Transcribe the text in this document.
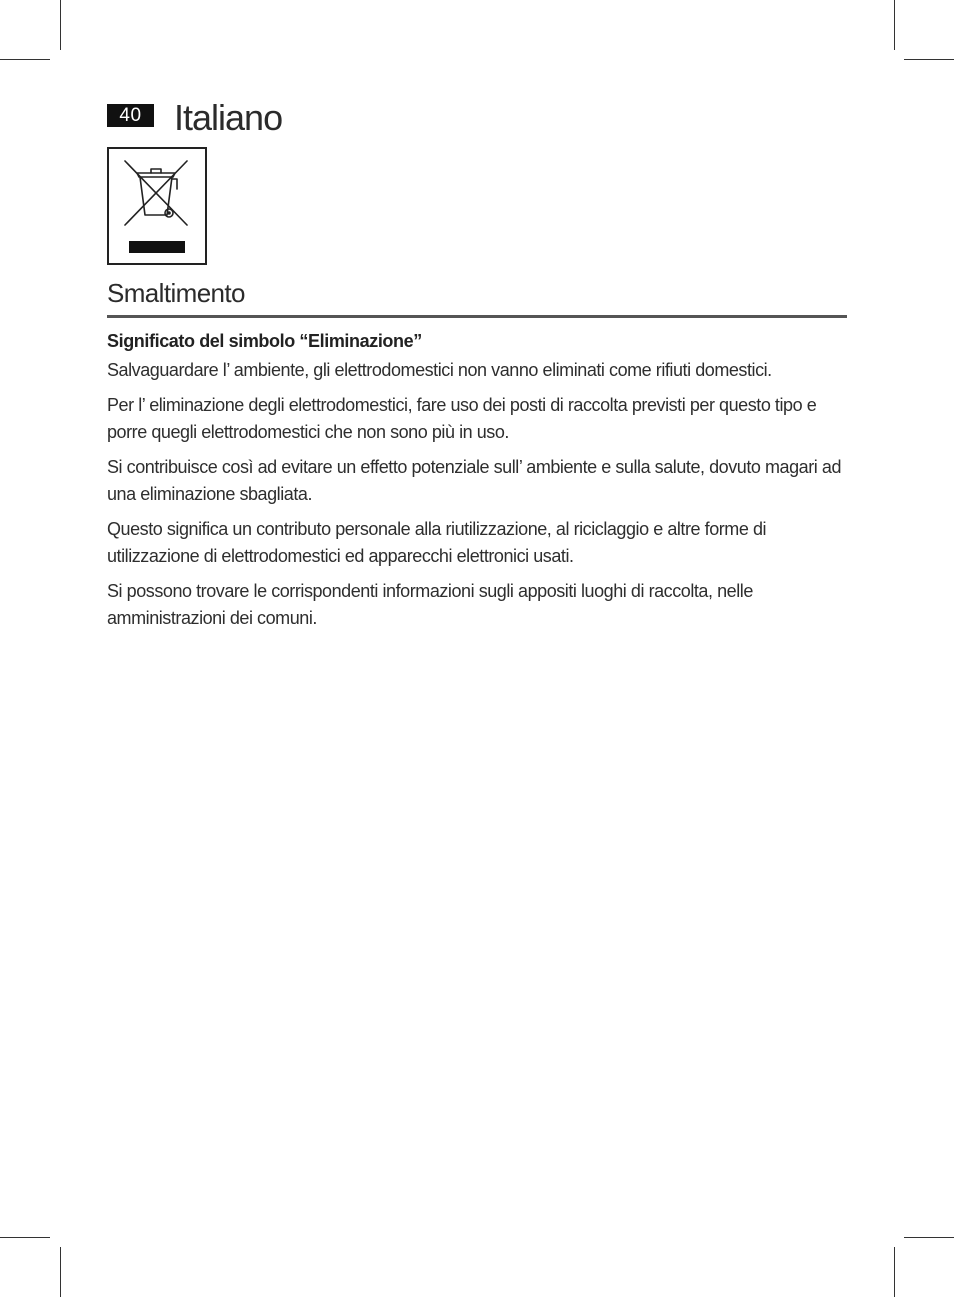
40 Italiano
Smaltimento

Significato del simbolo “Eliminazione”

Salvaguardare l’ ambiente, gli elettrodomestici non vanno eliminati come rifiuti domestici.

Per l’ eliminazione degli elettrodomestici, fare uso dei posti di raccolta previsti per questo tipo e porre quegli elettrodomestici che non sono più in uso.

Si contribuisce così ad evitare un effetto potenziale sull’ ambiente e sulla salute, dovuto magari ad una eliminazione sbagliata.

Questo significa un contributo personale alla riutilizzazione, al riciclaggio e altre forme di utilizzazione di elettrodomestici ed apparecchi elettronici usati.

Si possono trovare le corrispondenti informazioni sugli appositi luoghi di raccolta, nelle amministrazioni dei comuni.
